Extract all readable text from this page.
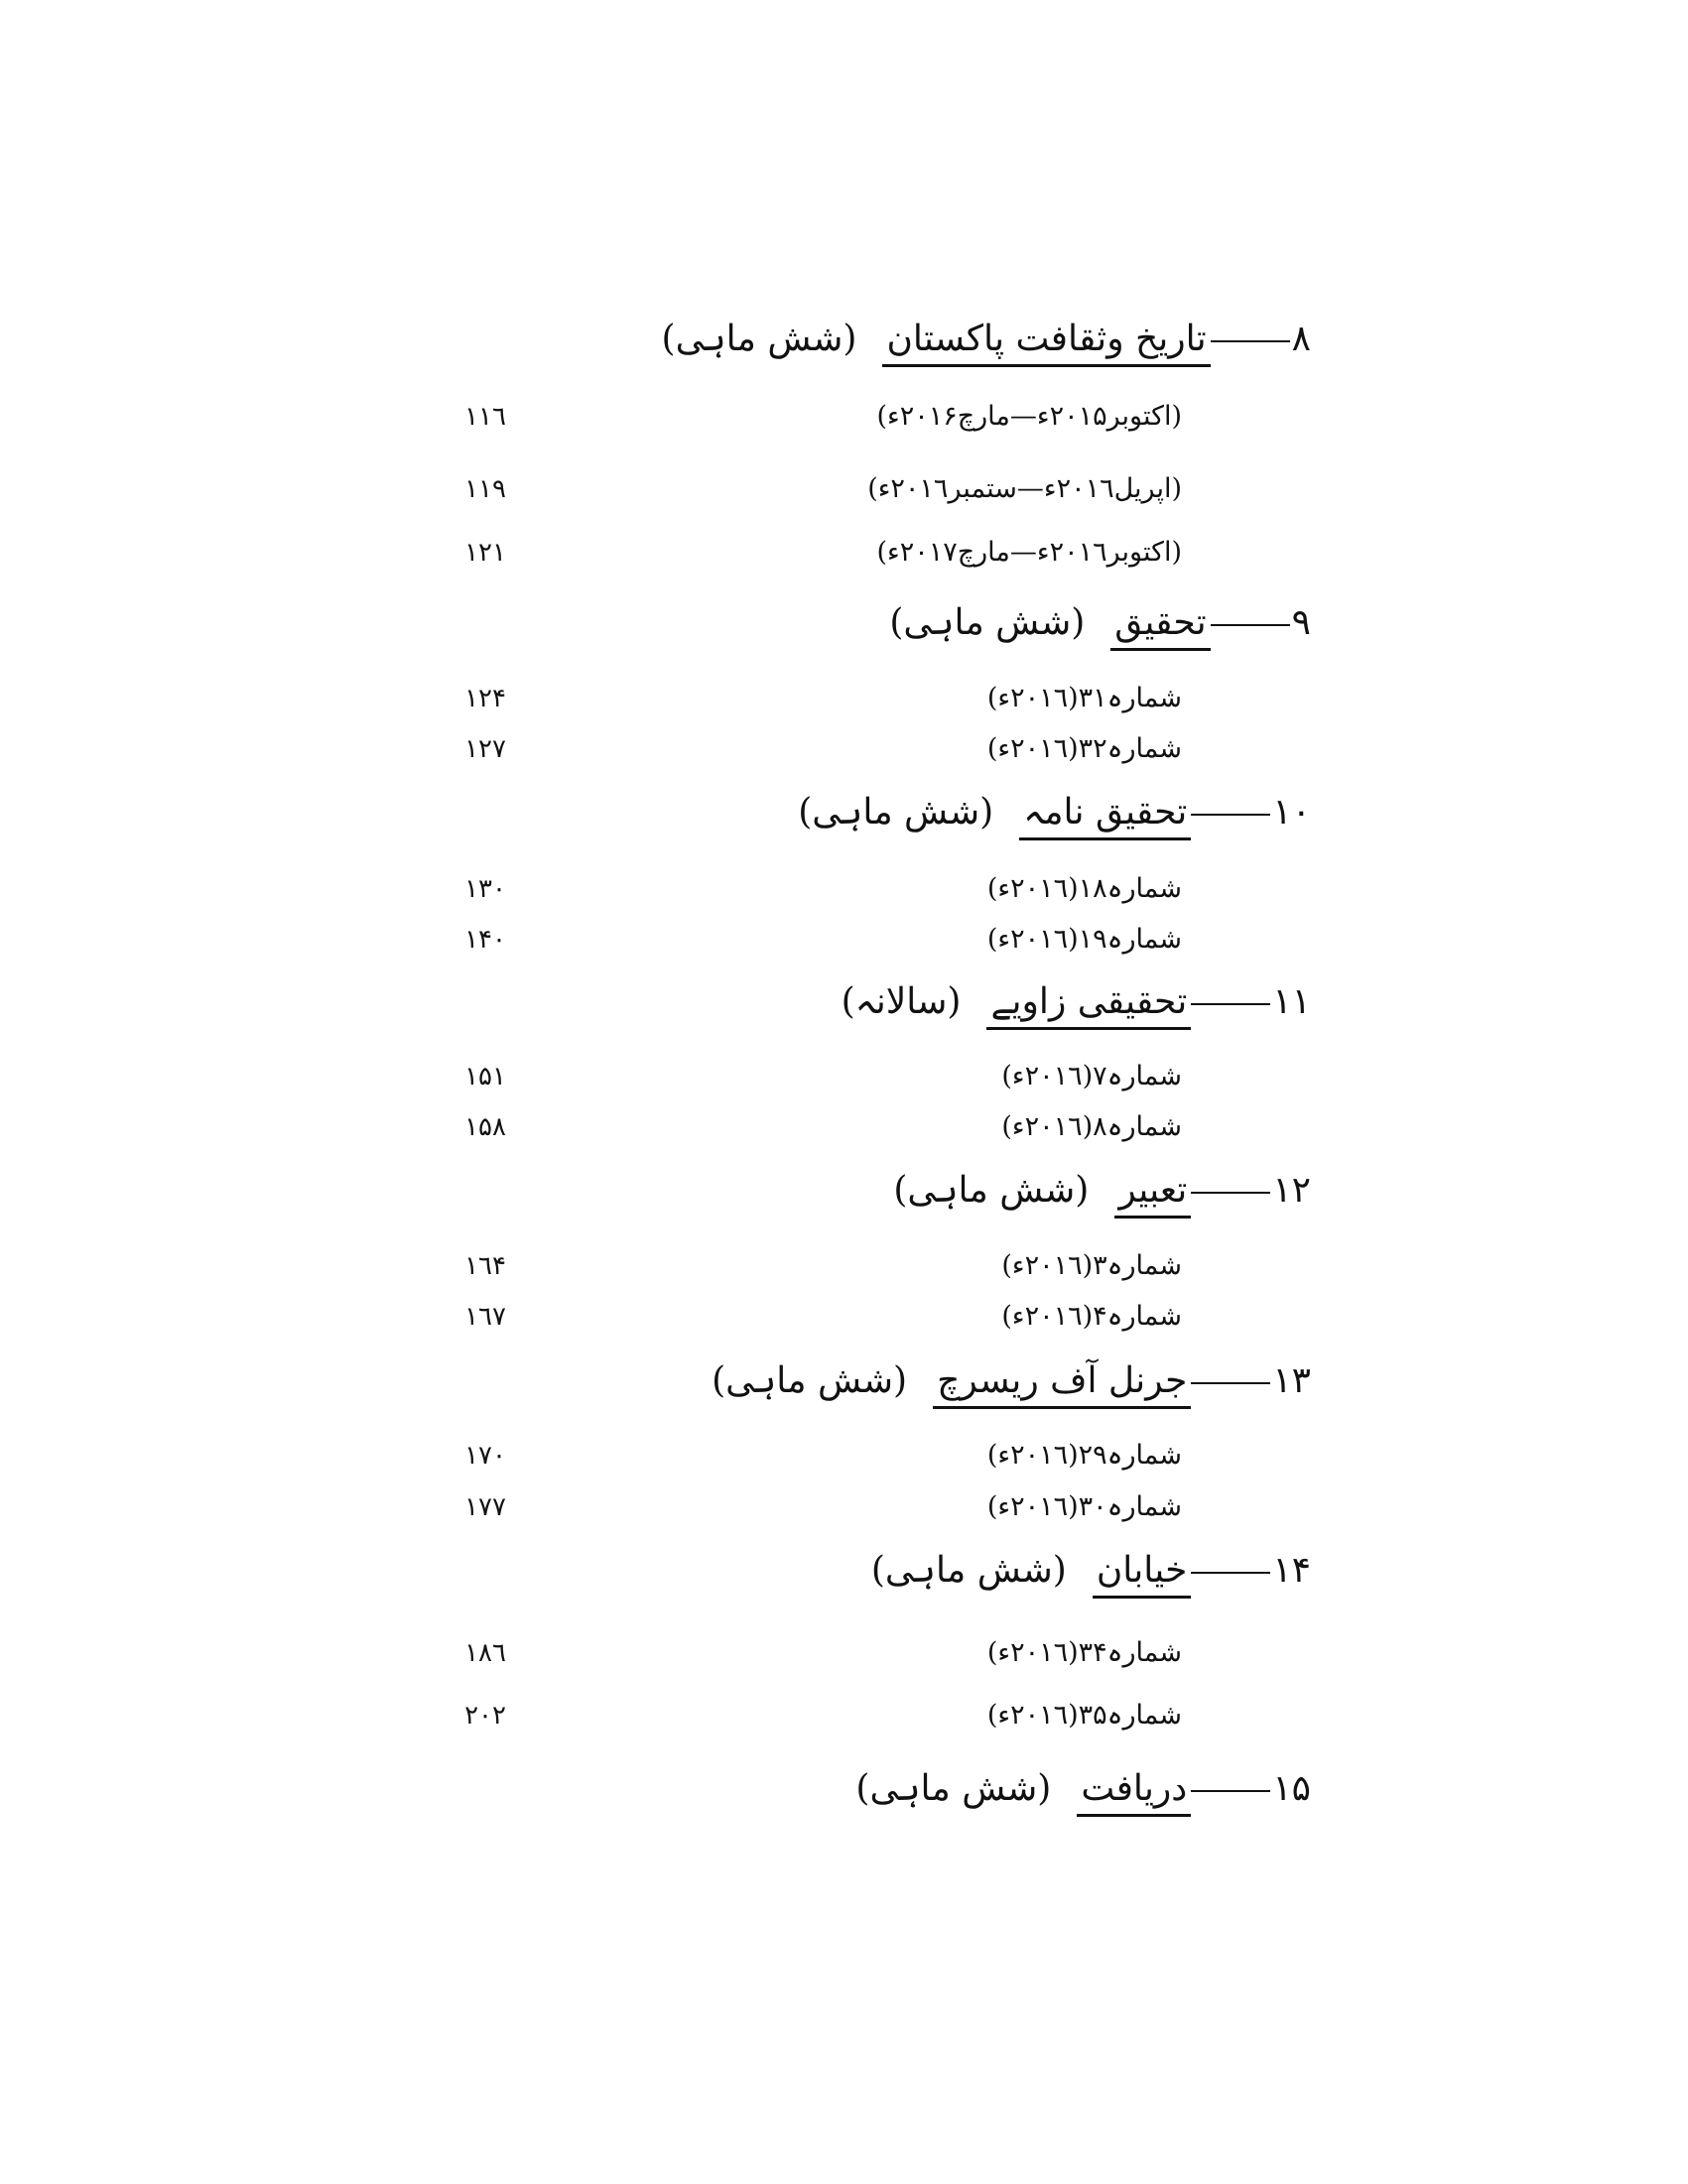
۸تاریخ وثقافت پاکستان(شش ماہی)
(اکتوبر۲۰۱۵ء—مارچ۲۰۱۶ء)
۱۱٦
(اپریل۲۰۱٦ء—ستمبر۲۰۱٦ء)
۱۱۹
(اکتوبر۲۰۱٦ء—مارچ۲۰۱۷ء)
۱۲۱
۹تحقیق(شش ماہی)
شمارہ۳۱(۲۰۱٦ء)
۱۲۴
شمارہ۳۲(۲۰۱٦ء)
۱۲۷
۱۰تحقیق نامہ(شش ماہی)
شمارہ۱۸(۲۰۱٦ء)
۱۳۰
شمارہ۱۹(۲۰۱٦ء)
۱۴۰
۱۱تحقیقی زاویے(سالانہ)
شمارہ۷(۲۰۱٦ء)
۱۵۱
شمارہ۸(۲۰۱٦ء)
۱۵۸
۱۲تعبیر(شش ماہی)
شمارہ۳(۲۰۱٦ء)
۱٦۴
شمارہ۴(۲۰۱٦ء)
۱٦۷
۱۳جرنل آف ریسرچ(شش ماہی)
شمارہ۲۹(۲۰۱٦ء)
۱۷۰
شمارہ۳۰(۲۰۱٦ء)
۱۷۷
۱۴خیابان(شش ماہی)
شمارہ۳۴(۲۰۱٦ء)
۱۸٦
شمارہ۳۵(۲۰۱٦ء)
۲۰۲
۱۵دریافت(شش ماہی)
